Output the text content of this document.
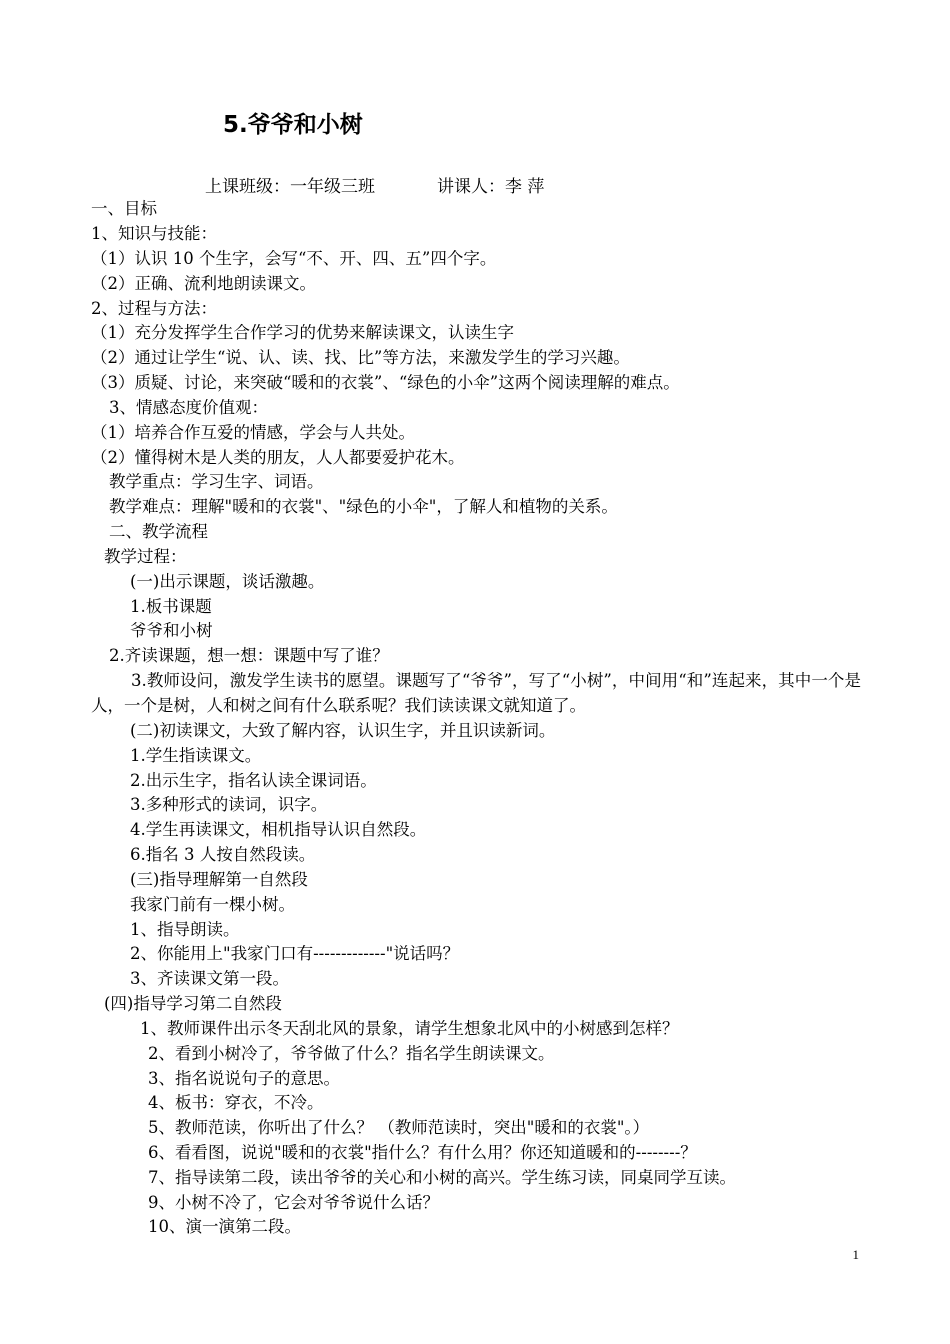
5.爷爷和小树
上课班级：一年级三班	讲课人：李 萍
3.教师设问，激发学生读书的愿望。课题写了“爷爷”，写了“小树”，中间用“和”连起来，其中一个是人，一个是树，人和树之间有什么联系呢？我们读读课文就知道了。
一、目标
1、知识与技能：
（1）认识 10 个生字，会写“不、开、四、五”四个字。
（2）正确、流利地朗读课文。
2、过程与方法：
（1）充分发挥学生合作学习的优势来解读课文，认读生字
（2）通过让学生“说、认、读、找、比”等方法，来激发学生的学习兴趣。
（3）质疑、讨论，来突破“暖和的衣裳”、“绿色的小伞”这两个阅读理解的难点。
3、情感态度价值观：
（1）培养合作互爱的情感，学会与人共处。
（2）懂得树木是人类的朋友，人人都要爱护花木。
教学重点：学习生字、词语。
教学难点：理解"暖和的衣裳"、"绿色的小伞"，了解人和植物的关系。
二、教学流程
教学过程：
(一)出示课题，谈话激趣。
1.板书课题
爷爷和小树
2.齐读课题，想一想：课题中写了谁？
(二)初读课文，大致了解内容，认识生字，并且识读新词。
1.学生指读课文。
2.出示生字，指名认读全课词语。
3.多种形式的读词，识字。
4.学生再读课文，相机指导认识自然段。
6.指名 3 人按自然段读。
(三)指导理解第一自然段
我家门前有一棵小树。
1、指导朗读。
2、你能用上"我家门口有-------------"说话吗？
3、齐读课文第一段。
(四)指导学习第二自然段
1、教师课件出示冬天刮北风的景象，请学生想象北风中的小树感到怎样？
2、看到小树冷了，爷爷做了什么？指名学生朗读课文。
3、指名说说句子的意思。
4、板书：穿衣，不冷。
5、教师范读，你听出了什么？ （教师范读时，突出"暖和的衣裳"。）
6、看看图，说说"暖和的衣裳"指什么？有什么用？你还知道暖和的--------？
7、指导读第二段，读出爷爷的关心和小树的高兴。学生练习读，同桌同学互读。
9、小树不冷了，它会对爷爷说什么话？
10、演一演第二段。
1
